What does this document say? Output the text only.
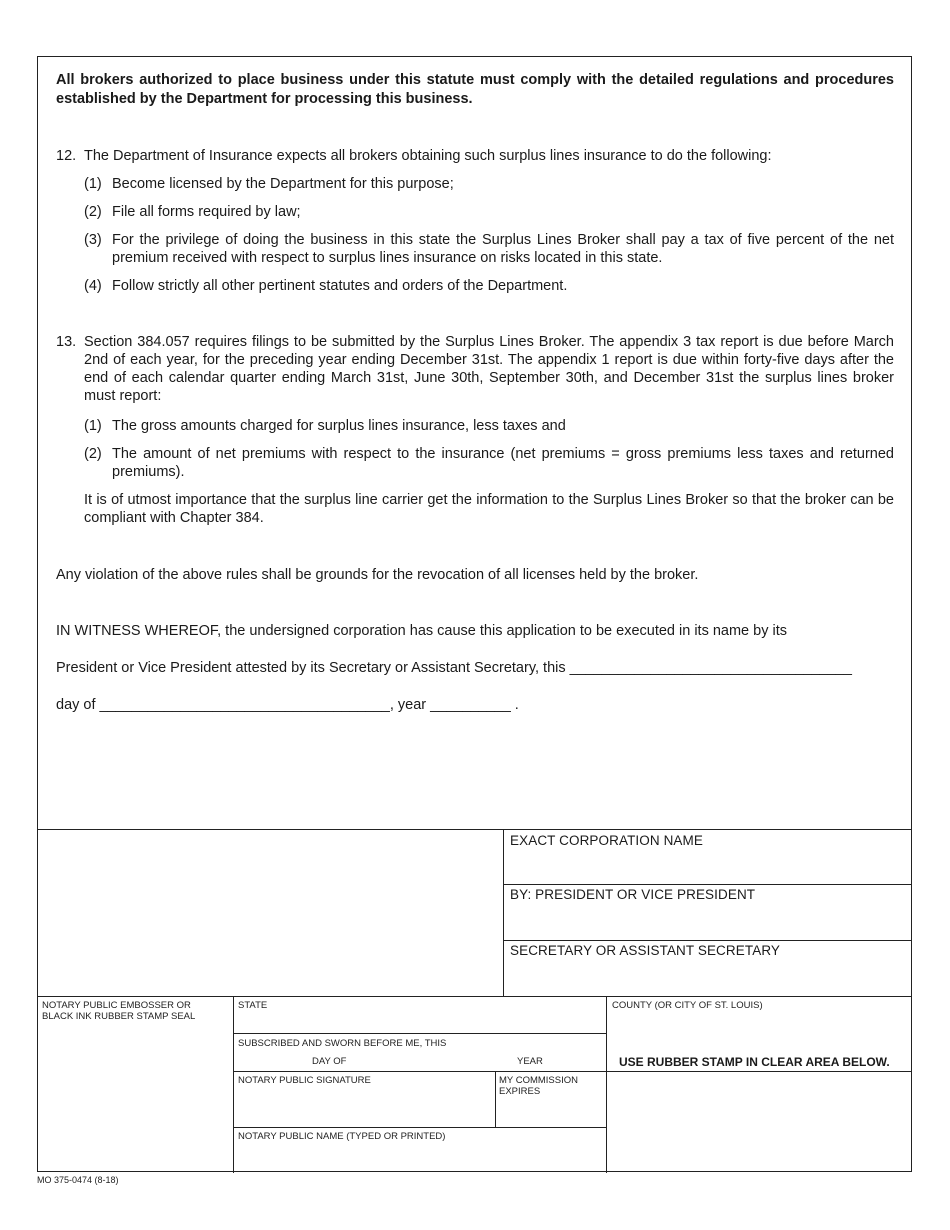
All brokers authorized to place business under this statute must comply with the detailed regulations and procedures established by the Department for processing this business.
12. The Department of Insurance expects all brokers obtaining such surplus lines insurance to do the following:
(1) Become licensed by the Department for this purpose;
(2) File all forms required by law;
(3) For the privilege of doing the business in this state the Surplus Lines Broker shall pay a tax of five percent of the net premium received with respect to surplus lines insurance on risks located in this state.
(4) Follow strictly all other pertinent statutes and orders of the Department.
13. Section 384.057 requires filings to be submitted by the Surplus Lines Broker. The appendix 3 tax report is due before March 2nd of each year, for the preceding year ending December 31st. The appendix 1 report is due within forty-five days after the end of each calendar quarter ending March 31st, June 30th, September 30th, and December 31st the surplus lines broker must report:
(1) The gross amounts charged for surplus lines insurance, less taxes and
(2) The amount of net premiums with respect to the insurance (net premiums = gross premiums less taxes and returned premiums).
It is of utmost importance that the surplus line carrier get the information to the Surplus Lines Broker so that the broker can be compliant with Chapter 384.
Any violation of the above rules shall be grounds for the revocation of all licenses held by the broker.
IN WITNESS WHEREOF, the undersigned corporation has cause this application to be executed in its name by its
President or Vice President attested by its Secretary or Assistant Secretary, this ___________________________________
day of ____________________________________, year __________ .
EXACT CORPORATION NAME
BY: PRESIDENT OR VICE PRESIDENT
SECRETARY OR ASSISTANT SECRETARY
NOTARY PUBLIC EMBOSSER OR BLACK INK RUBBER STAMP SEAL
STATE	COUNTY (OR CITY OF ST. LOUIS)
SUBSCRIBED AND SWORN BEFORE ME, THIS
DAY OF	YEAR	USE RUBBER STAMP IN CLEAR AREA BELOW.
NOTARY PUBLIC SIGNATURE	MY COMMISSION EXPIRES
NOTARY PUBLIC NAME (TYPED OR PRINTED)
MO 375-0474 (8-18)
